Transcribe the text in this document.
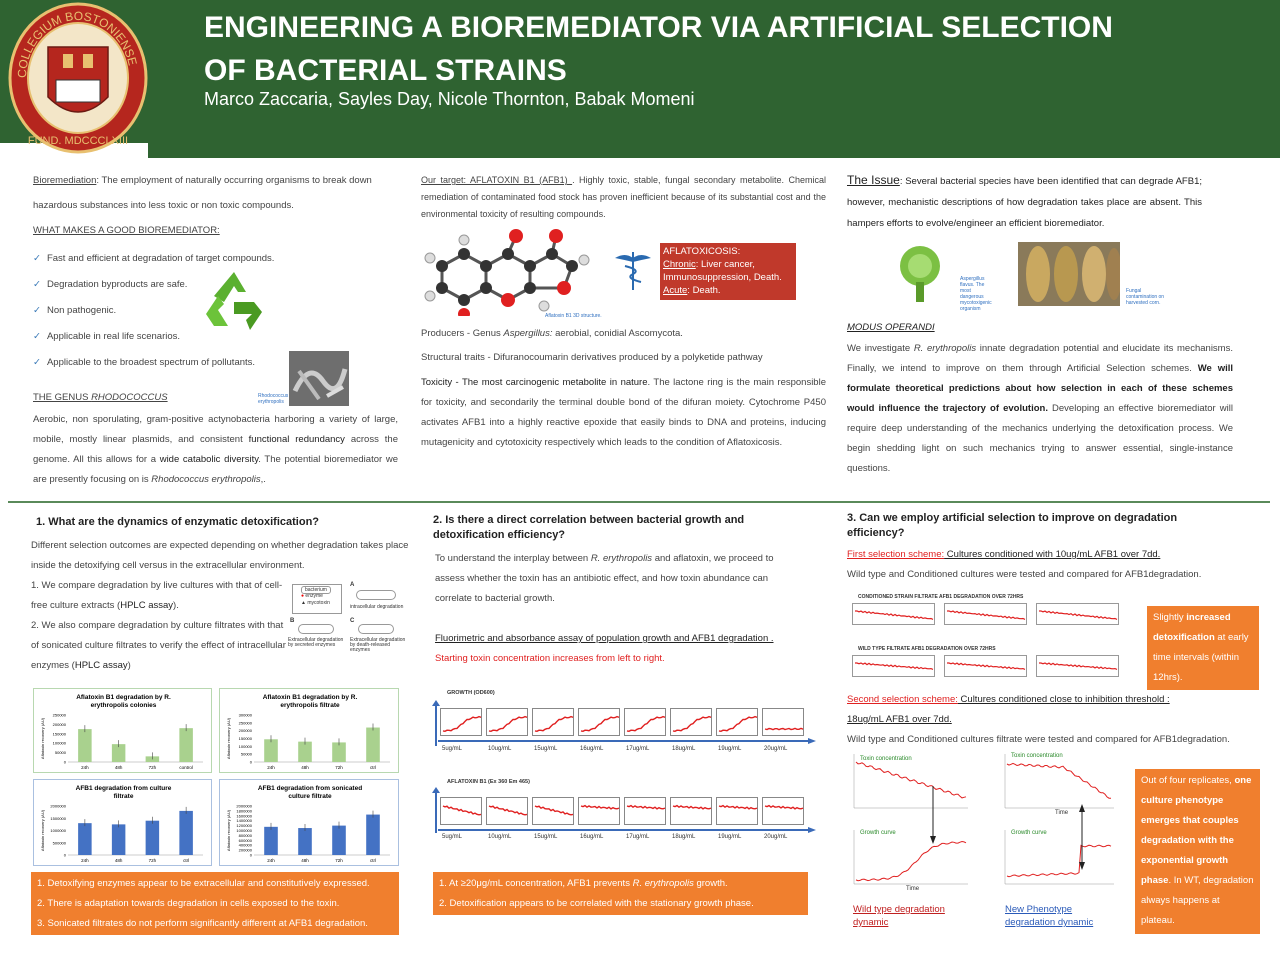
COLLEGIUM BOSTONIENSE
FUND. MDCCCLXIII
ENGINEERING A BIOREMEDIATOR VIA ARTIFICIAL SELECTION
OF BACTERIAL STRAINS
Marco Zaccaria, Sayles Day, Nicole Thornton, Babak Momeni
Bioremediation: The employment of naturally occurring organisms to break down hazardous substances into less toxic or non toxic compounds.
WHAT MAKES A GOOD BIOREMEDIATOR:
✓ Fast and efficient at degradation of target compounds.
✓ Degradation byproducts are safe.
✓ Non pathogenic.
✓ Applicable in real life scenarios.
✓ Applicable to the broadest spectrum of pollutants.
Rhodococcus erythropolis
THE GENUS RHODOCOCCUS
Aerobic, non sporulating, gram-positive actynobacteria harboring a variety of large, mobile, mostly linear plasmids, and consistent functional redundancy across the genome. All this allows for a wide catabolic diversity. The potential bioremediator we are presently focusing on is Rhodococcus erythropolis,.
Our target: AFLATOXIN B1 (AFB1) . Highly toxic, stable, fungal secondary metabolite. Chemical remediation of contaminated food stock has proven inefficient because of its substantial cost and the environmental toxicity of resulting compounds.
Aflatoxin B1 3D structure.
AFLATOXICOSIS:
Chronic: Liver cancer, Immunosuppression, Death.
Acute: Death.
Producers - Genus Aspergillus: aerobial, conidial Ascomycota.
Structural traits - Difuranocoumarin derivatives produced by a polyketide pathway
Toxicity - The most carcinogenic metabolite in nature. The lactone ring is the main responsible for toxicity, and secondarily the terminal double bond of the difuran moiety. Cytochrome P450 activates AFB1 into a highly reactive epoxide that easily binds to DNA and proteins, inducing mutagenicity and cytotoxicity respectively which leads to the condition of Aflatoxicosis.
The Issue: Several bacterial species have been identified that can degrade AFB1; however, mechanistic descriptions of how degradation takes place are absent. This hampers efforts to evolve/engineer an efficient bioremediator.
Aspergillus flavus. The most dangerous mycotoxigenic organism
Fungal contamination on harvested corn.
MODUS OPERANDI
We investigate R. erythropolis innate degradation potential and elucidate its mechanisms. Finally, we intend to improve on them through Artificial Selection schemes. We will formulate theoretical predictions about how selection in each of these schemes would influence the trajectory of evolution. Developing an effective bioremediator will require deep understanding of the mechanics underlying the detoxification process. We begin shedding light on such mechanics trying to answer essential, single-instance questions.
1. What are the dynamics of enzymatic detoxification?
Different selection outcomes are expected depending on whether degradation takes place inside the detoxifying cell versus in the extracellular environment.
1. We compare degradation by live cultures with that of cell-free culture extracts (HPLC assay).
2. We also compare degradation by culture filtrates with that of sonicated culture filtrates to verify the effect of intracellular enzymes (HPLC assay)
A
bacterium
● enzyme
▲ mycotoxin
intracellular degradation
B	C
Extracellular degradation by secreted enzymes
Extracellular degradation by death-released enzymes
Aflatoxin B1 degradation by R. erythropolis colonies
Aflatoxin recovery (AU)
0
50000
100000
150000
200000
250000
24h	48h	72h	control
Aflatoxin B1 degradation by R. erythropolis filtrate
Aflatoxin recovery (AU)
0
50000
100000
150000
200000
250000
300000
24h	48h	72h	ctrl
AFB1 degradation from culture filtrate
Aflatoxin recovery (AU)
0
500000
1000000
1500000
2000000
24h	48h	72h	ctrl
AFB1 degradation from sonicated culture filtrate
Aflatoxin recovery (AU)
0
200000
400000
600000
800000
1000000
1200000
1400000
1600000
1800000
2000000
24h	48h	72h	ctrl
1. Detoxifying enzymes appear to be extracellular and constitutively expressed.
2. There is adaptation towards degradation in cells exposed to the toxin.
3. Sonicated filtrates do not perform significantly different at AFB1 degradation.
2. Is there a direct correlation between bacterial growth and detoxification efficiency?
To understand the interplay between R. erythropolis and aflatoxin, we proceed to assess whether the toxin has an antibiotic effect, and how toxin abundance can correlate to bacterial growth.
Fluorimetric and absorbance assay of population growth and AFB1 degradation .
Starting toxin concentration increases from left to right.
GROWTH (OD600)
5ug/mL	10ug/mL	15ug/mL	16ug/mL	17ug/mL	18ug/mL	19ug/mL	20ug/mL
AFLATOXIN B1 (Ex 360 Em 465)
5ug/mL	10ug/mL	15ug/mL	16ug/mL	17ug/mL	18ug/mL	19ug/mL	20ug/mL
1. At ≥20μg/mL concentration, AFB1 prevents R. erythropolis growth.
2. Detoxification appears to be correlated with the stationary growth phase.
3. Can we employ artificial selection to improve on degradation efficiency?
First selection scheme: Cultures conditioned with 10ug/mL AFB1 over 7dd.
Wild type and Conditioned cultures were tested and compared for AFB1degradation.
CONDITIONED STRAIN FILTRATE AFB1 DEGRADATION OVER 72HRS
WILD TYPE FILTRATE AFB1 DEGRADATION OVER 72HRS
Slightly increased detoxification at early time intervals (within 12hrs).
Second selection scheme: Cultures conditioned close to inhibition threshold : 18ug/mL AFB1 over 7dd.
Wild type and Conditioned cultures filtrate were tested and compared for AFB1degradation.
Toxin concentration
Growth curve
Time
Toxin concentration
Time
Growth curve
Wild type degradation dynamic
New Phenotype degradation dynamic
Out of four replicates, one culture phenotype emerges that couples degradation with the exponential growth phase. In WT, degradation always happens at plateau.
